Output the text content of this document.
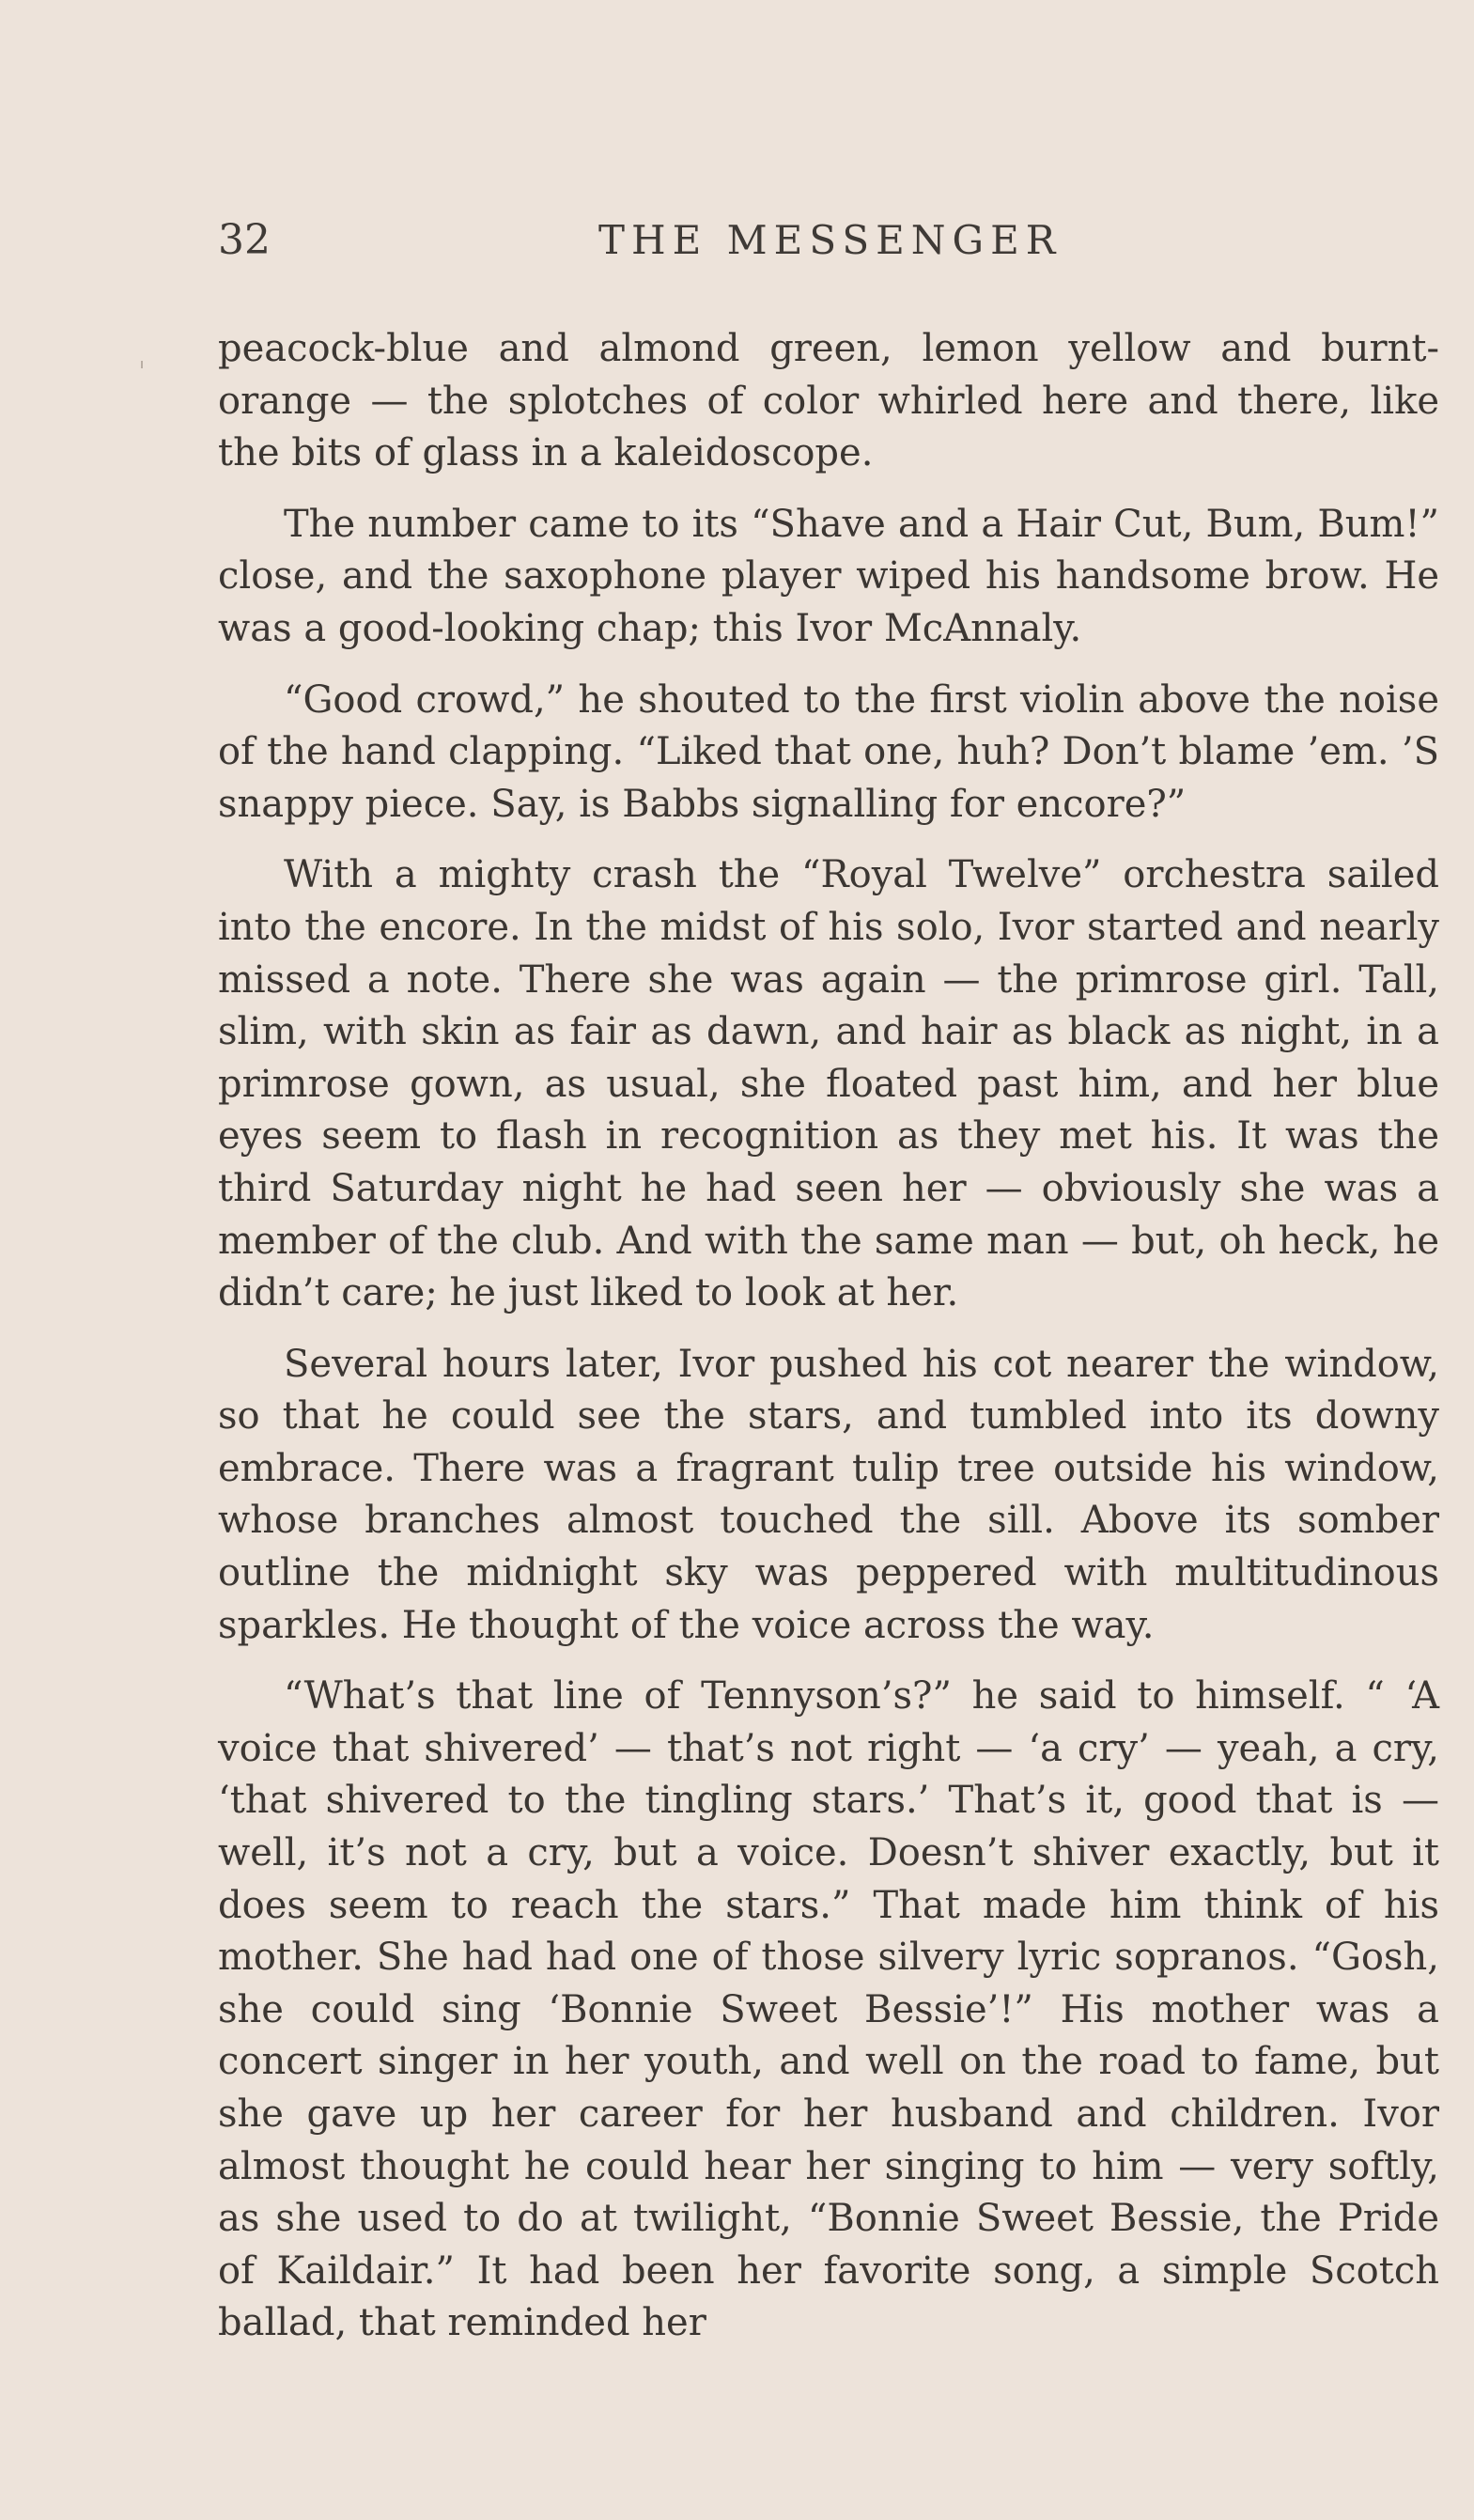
32	THE MESSENGER

peacock-blue and almond green, lemon yellow and burnt-orange — the splotches of color whirled here and there, like the bits of glass in a kaleidoscope.

The number came to its “Shave and a Hair Cut, Bum, Bum!” close, and the saxophone player wiped his handsome brow. He was a good-looking chap; this Ivor McAnnaly.

“Good crowd,” he shouted to the first violin above the noise of the hand clapping. “Liked that one, huh? Don’t blame ’em. ’S snappy piece. Say, is Babbs signalling for encore?”

With a mighty crash the “Royal Twelve” orchestra sailed into the encore. In the midst of his solo, Ivor started and nearly missed a note. There she was again — the primrose girl. Tall, slim, with skin as fair as dawn, and hair as black as night, in a primrose gown, as usual, she floated past him, and her blue eyes seem to flash in recognition as they met his. It was the third Saturday night he had seen her — obviously she was a member of the club. And with the same man — but, oh heck, he didn’t care; he just liked to look at her.

Several hours later, Ivor pushed his cot nearer the window, so that he could see the stars, and tumbled into its downy embrace. There was a fragrant tulip tree outside his window, whose branches almost touched the sill. Above its somber outline the midnight sky was peppered with multitudinous sparkles. He thought of the voice across the way.

“What’s that line of Tennyson’s?” he said to himself. “ ‘A voice that shivered’ — that’s not right — ‘a cry’ — yeah, a cry, ‘that shivered to the tingling stars.’ That’s it, good that is — well, it’s not a cry, but a voice. Doesn’t shiver exactly, but it does seem to reach the stars.” That made him think of his mother. She had had one of those silvery lyric sopranos. “Gosh, she could sing ‘Bonnie Sweet Bessie’!” His mother was a concert singer in her youth, and well on the road to fame, but she gave up her career for her husband and children. Ivor almost thought he could hear her singing to him — very softly, as she used to do at twilight, “Bonnie Sweet Bessie, the Pride of Kaildair.” It had been her favorite song, a simple Scotch ballad, that reminded her
